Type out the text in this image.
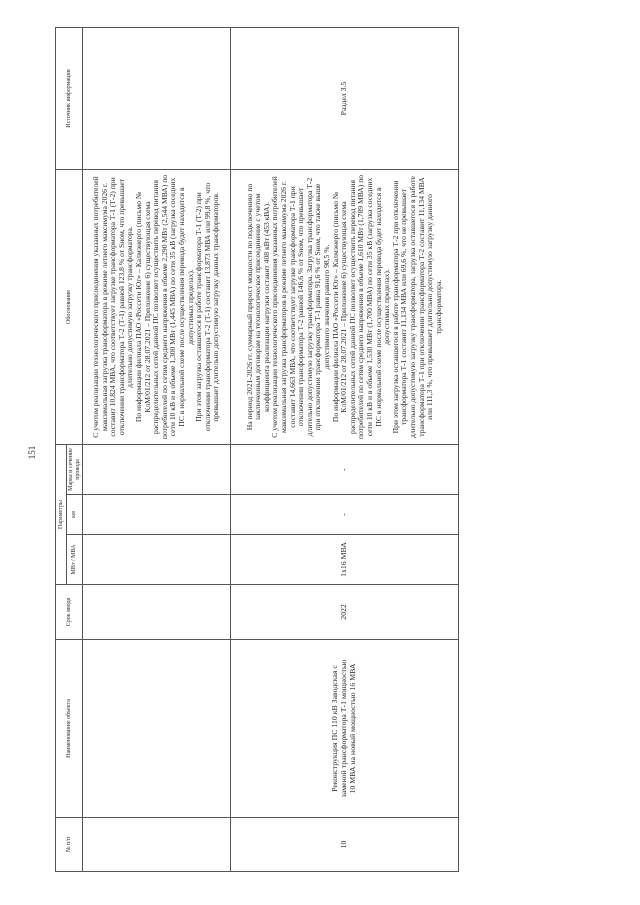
151
№ п/п
Наименование объекта
Срок ввода
Параметры
МВт / МВА
км
Марка и сечение провода
Обоснование
Источник информации

С учетом реализации технологического присоединения указанных потребителей максимальная загрузка трансформатора в режиме летнего максимума 2026 г. составит 10,824 МВА, что соответствует загрузке трансформатора Т-1 (Т-2) при отключении трансформатора Т-2 (Т-1) равной 123,8 % от Sном, что превышает длительно допустимую загрузку трансформатора. По информации филиала ПАО «Россети Юг» – Калмэнерго (письмо № КлМ/01/212 от 28.07.2021 – Приложение 6) существующая схема распределительных сетей данной ПС позволяет осуществить перевод питания потребителей по сетям среднего напряжения в объеме 2,290 МВт (2,544 МВА) по сети 10 кВ и в объеме 1,300 МВт (1,445 МВА) по сети 35 кВ (загрузка соседних ПС в нормальной схеме после осуществления перевода будет находится в допустимых пределах). При этом загрузка оставшегося в работе трансформатора Т-1 (Т-2) при отключении трансформатора Т-2 (Т-1) составит 13,873 МВА или 99,8 %, что превышает длительно допустимую загрузку данных трансформаторов.

10
Реконструкция ПС 110 кВ Заводская с заменой трансформатора Т-1 мощностью 10 МВА на новый мощностью 16 МВА
2022
1х16 МВА
-
-

На период 2021-2026 гг. суммарный прирост мощности по подключению по заключенным договорам на технологическое присоединение с учетом коэффициента реализации нагрузки составит 408 кВт (453 кВА). С учетом реализации технологического присоединения указанных потребителей максимальная загрузка трансформаторов в режиме летнего максимума 2026 г. составит 14,663 МВА, что соответствует загрузке трансформатора Т-1 при отключении трансформатора Т-2 равной 146,6 % от Sном, что превышает длительно допустимую загрузку трансформатора. Загрузка трансформатора Т-2 при отключении трансформатора Т-1 равна 91,6 % от Sном, что также выше допустимого значения равного 98,5 %. По информации филиала ПАО «Россети Юг» – Калмэнерго (письмо № КлМ/01/212 от 28.07.2021 – Приложение 6) существующая схема распределительных сетей данной ПС позволяет осуществить перевод питания потребителей по сетям среднего напряжения в объеме 1,610 МВт (1,789 МВА) по сети 10 кВ и в объеме 1,530 МВт (1,700 МВА) по сети 35 кВ (загрузка соседних ПС в нормальной схеме после осуществления перевода будет находится в допустимых пределах). При этом загрузка оставшегося в работе трансформатора Т-2 при отключении трансформатора Т-1 составит 11,134 МВА или 69,6 %, что не превышает длительно допустимую загрузку трансформатора, загрузка оставшегося в работе трансформатора Т-1 при отключении трансформатора Т-2 составит 11,134 МВА или 111,3 %, что превышает длительно допустимую загрузку данного трансформатора.

Раздел 3.5
